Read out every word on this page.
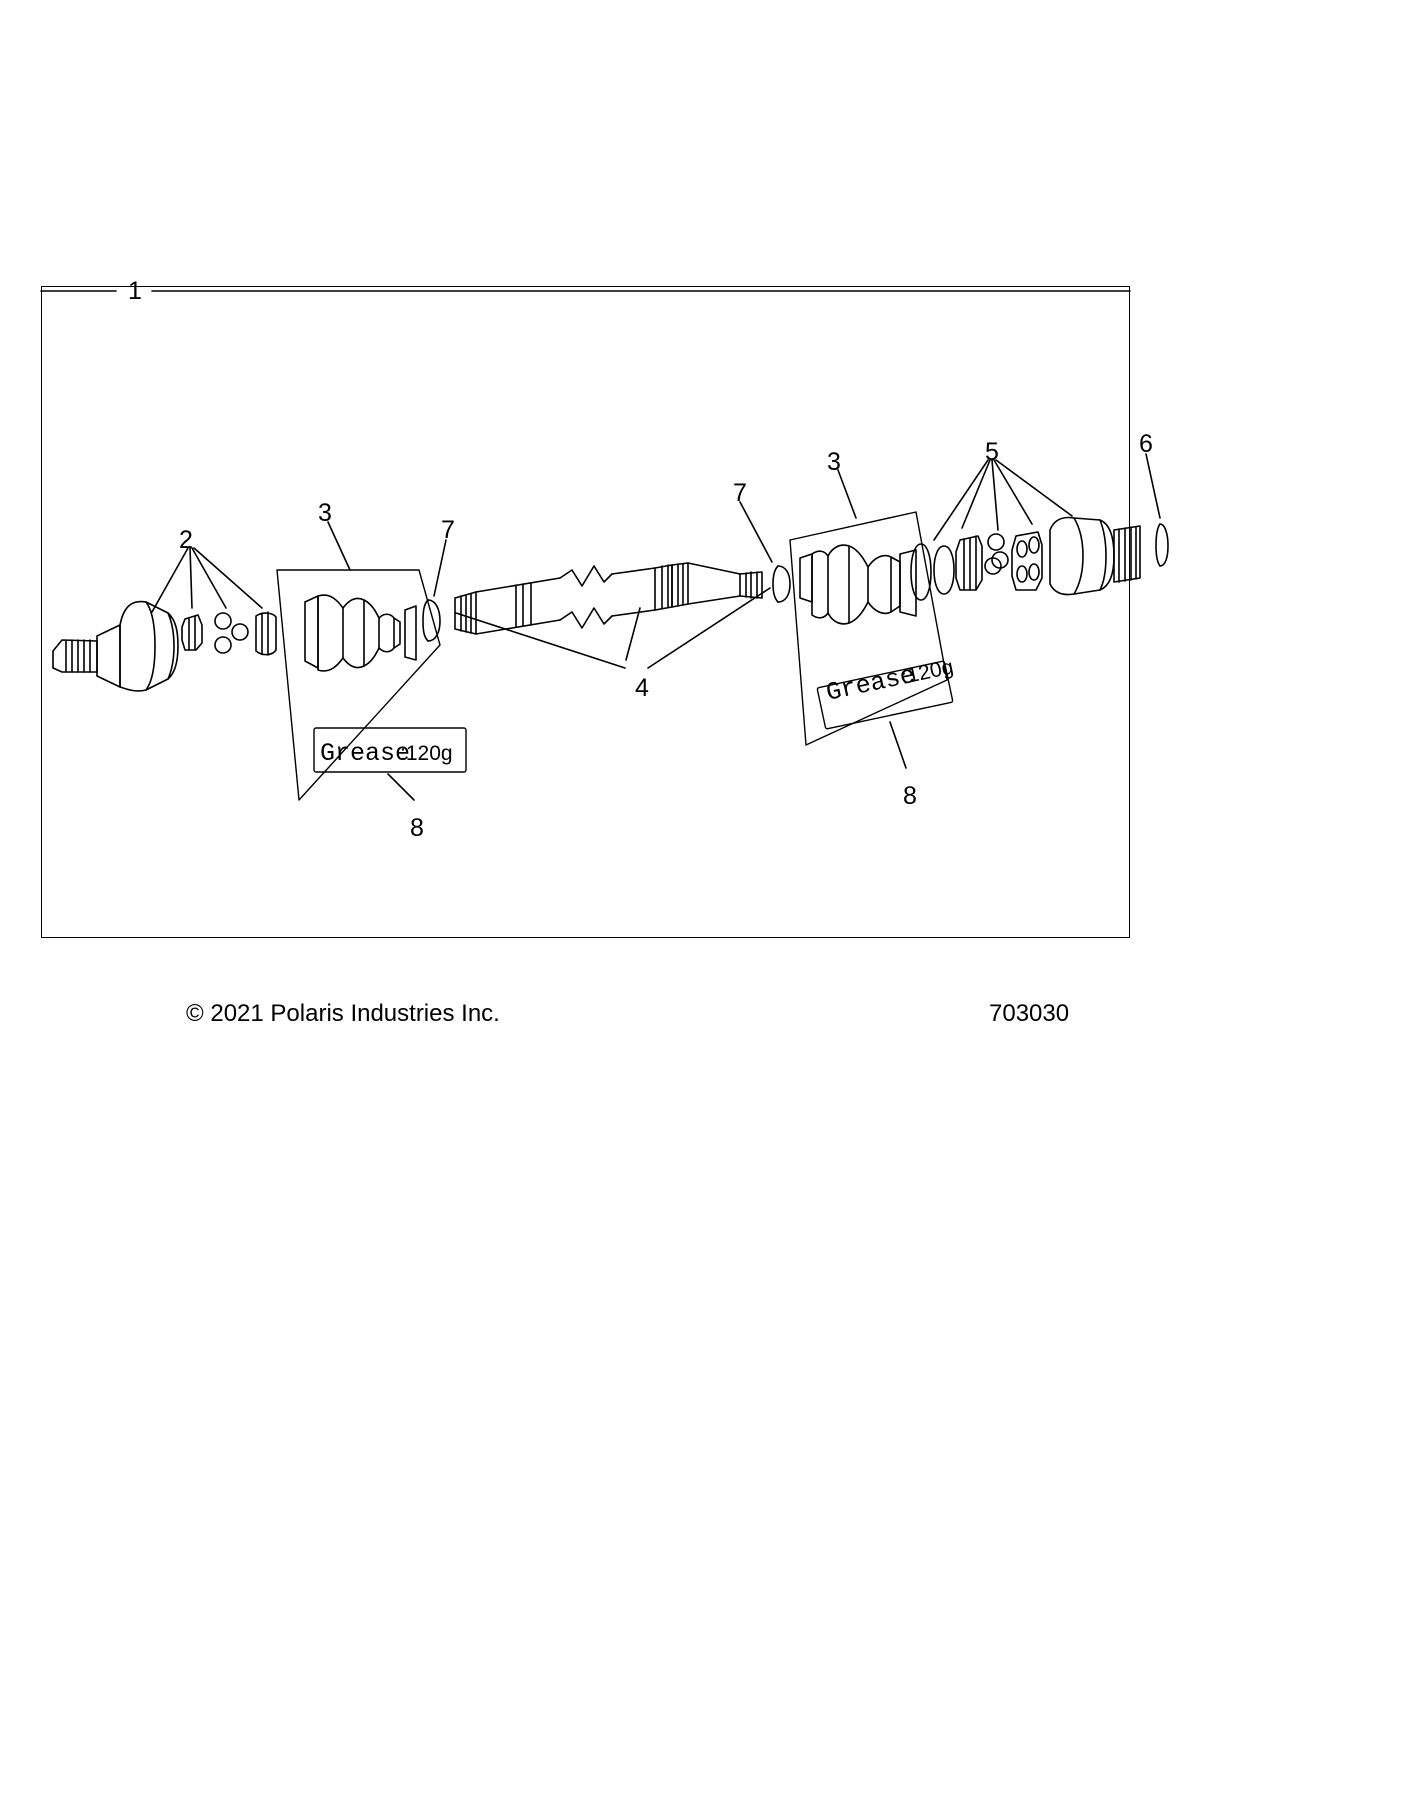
Grease
:120g
Grease
:120g
1
2
3
7
4
8
7
3	5	6
8
© 2021 Polaris Industries Inc.	703030
